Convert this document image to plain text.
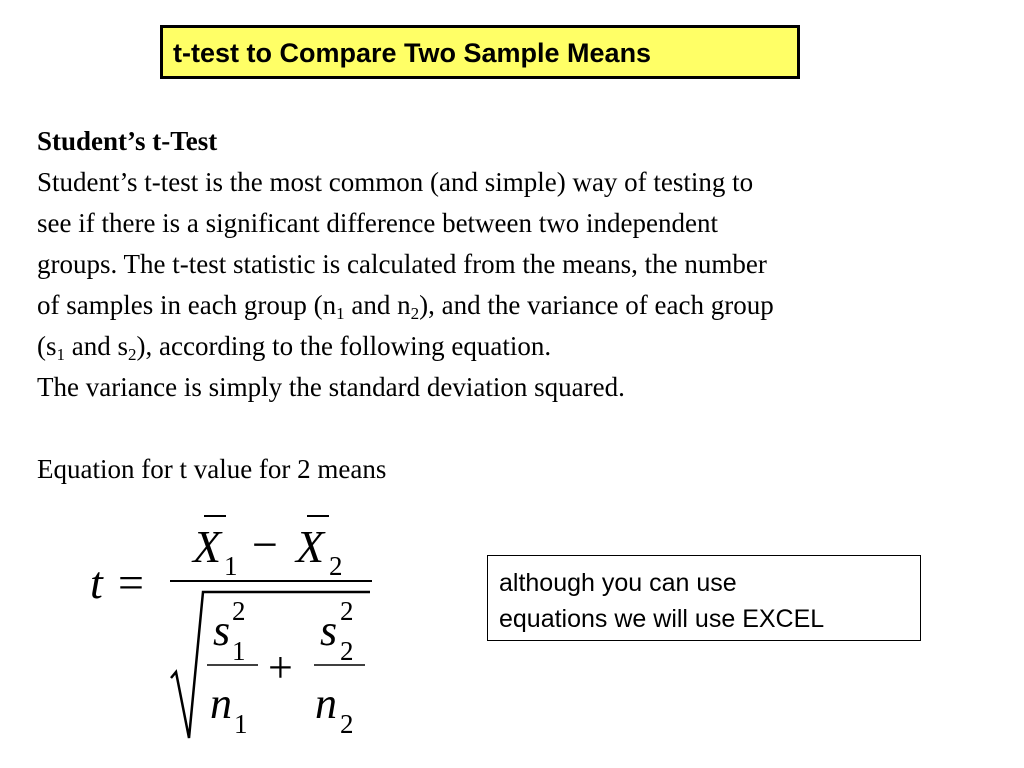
t-test to Compare Two Sample Means

Student’s t-Test

Student’s t-test is the most common (and simple) way of testing to

see if there is a significant difference between two independent

groups. The t-test statistic is calculated from the means, the number

of samples in each group ($n_1$ and $n_2$), and the variance of each group

($s_1$ and $s_2$), according to the following equation.

The variance is simply the standard deviation squared.

Equation for t value for 2 means

t =
X 1 − X 2
s 2
1
n 1
+
s 2
2
n 2
although you can use
equations we will use EXCEL
